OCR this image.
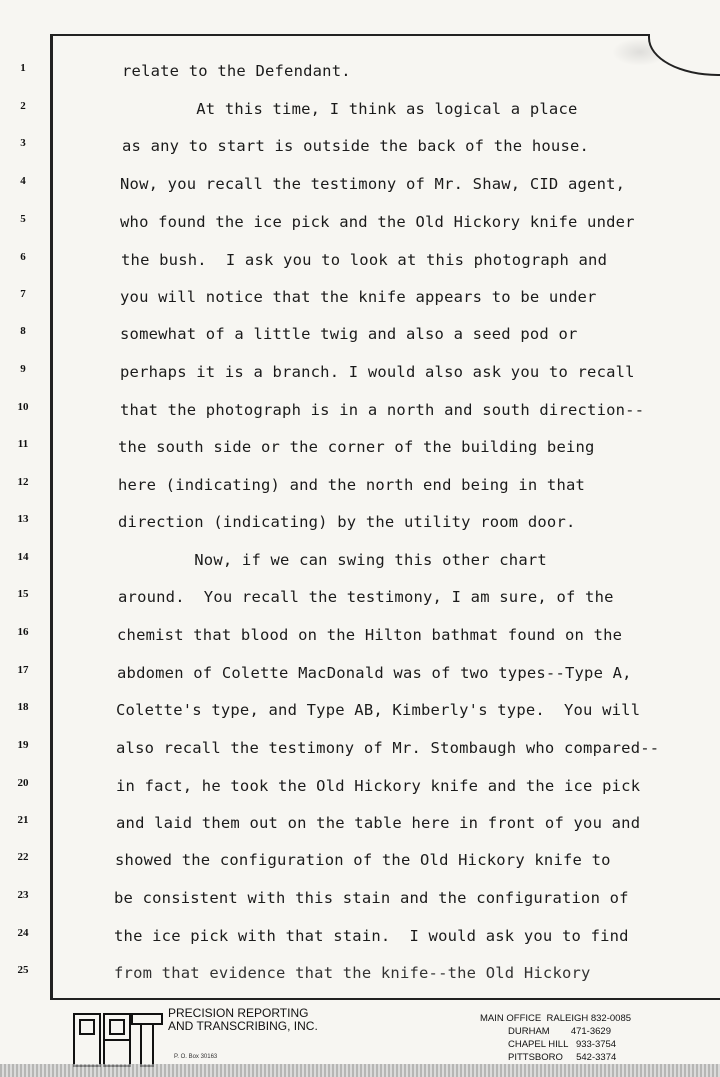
1	relate to the Defendant.
2	At this time, I think as logical a place
3	as any to start is outside the back of the house.
4	Now, you recall the testimony of Mr. Shaw, CID agent,
5	who found the ice pick and the Old Hickory knife under
6	the bush.  I ask you to look at this photograph and
7	you will notice that the knife appears to be under
8	somewhat of a little twig and also a seed pod or
9	perhaps it is a branch. I would also ask you to recall
10	that the photograph is in a north and south direction--
11	the south side or the corner of the building being
12	here (indicating) and the north end being in that
13	direction (indicating) by the utility room door.
14	Now, if we can swing this other chart
15	around.  You recall the testimony, I am sure, of the
16	chemist that blood on the Hilton bathmat found on the
17	abdomen of Colette MacDonald was of two types--Type A,
18	Colette's type, and Type AB, Kimberly's type.  You will
19	also recall the testimony of Mr. Stombaugh who compared--
20	in fact, he took the Old Hickory knife and the ice pick
21	and laid them out on the table here in front of you and
22	showed the configuration of the Old Hickory knife to
23	be consistent with this stain and the configuration of
24	the ice pick with that stain.  I would ask you to find
25	from that evidence that the knife--the Old Hickory
PRECISION REPORTING
AND TRANSCRIBING, INC.
P. O. Box 30163
MAIN OFFICE  RALEIGH 832-0085
DURHAM 471-3629
CHAPEL HILL 933-3754
PITTSBORO 542-3374
